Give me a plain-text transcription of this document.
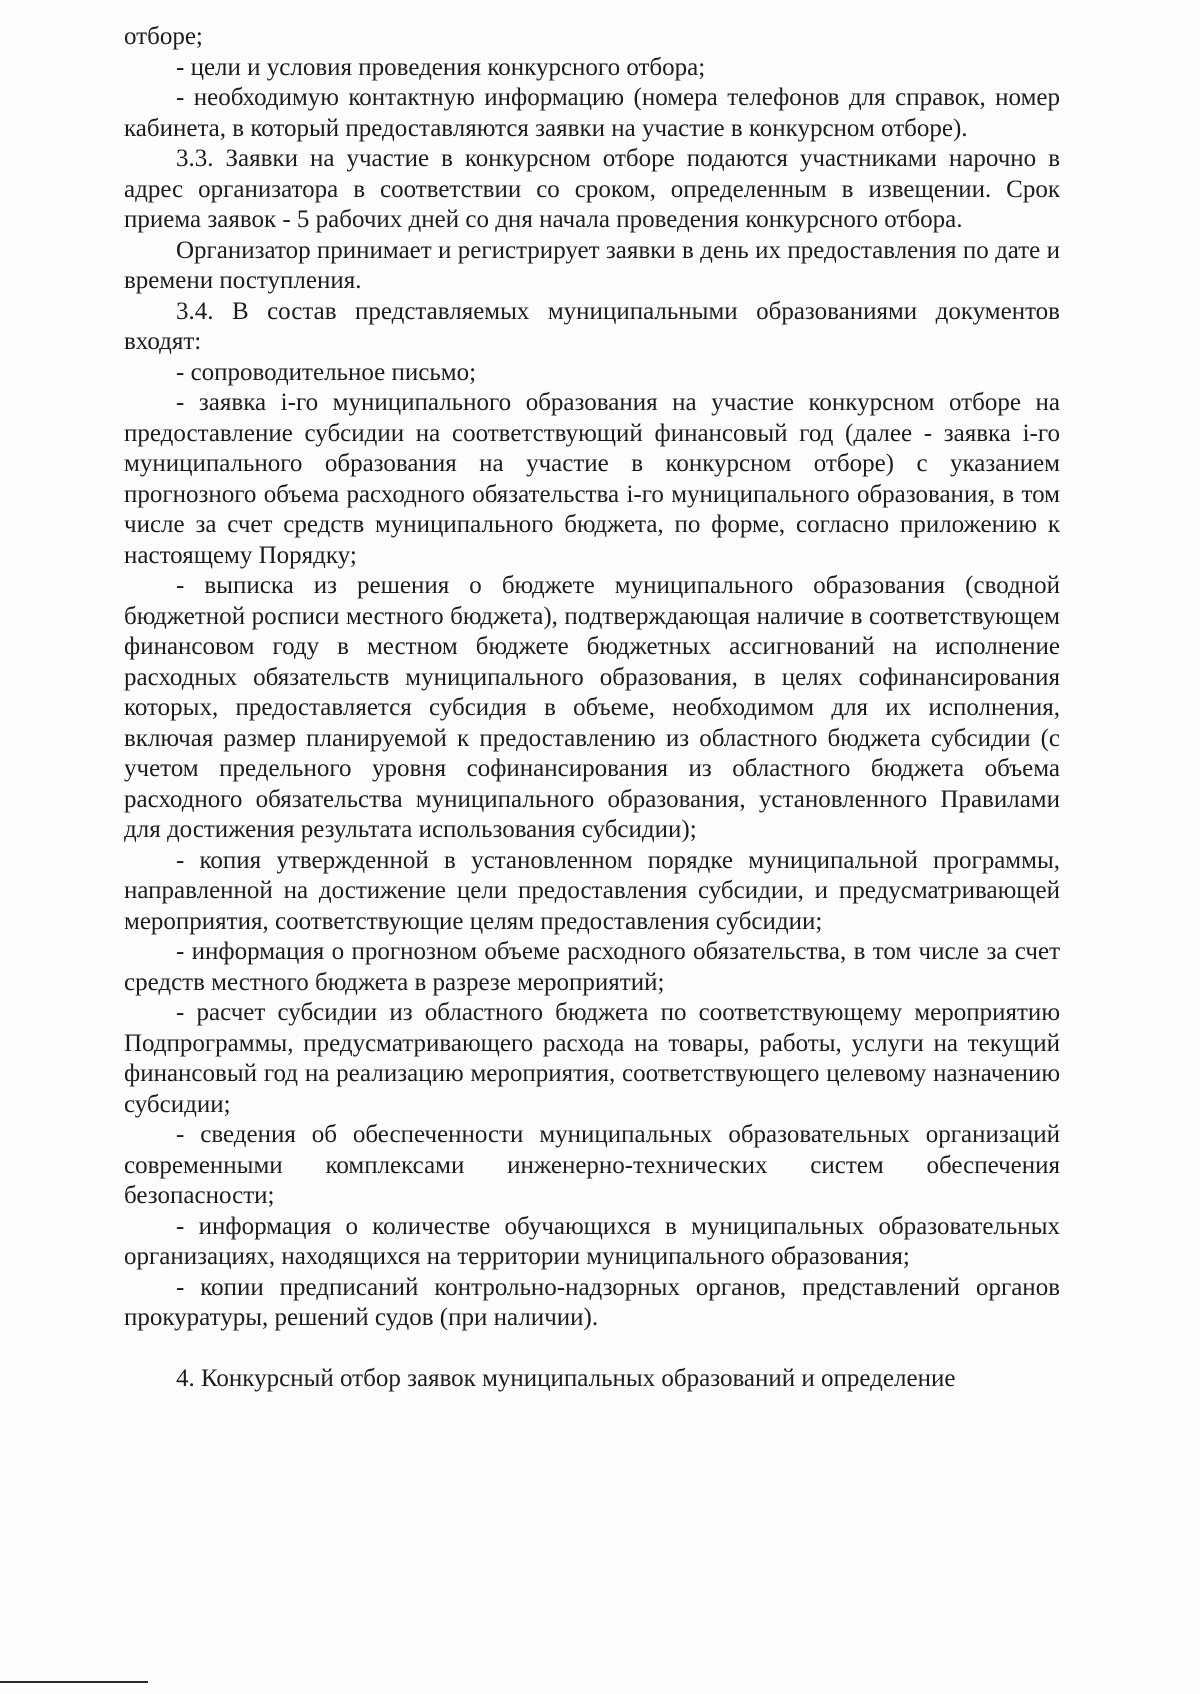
отборе;

- цели и условия проведения конкурсного отбора;

- необходимую контактную информацию (номера телефонов для справок, номер кабинета, в который предоставляются заявки на участие в конкурсном отборе).

3.3. Заявки на участие в конкурсном отборе подаются участниками нарочно в адрес организатора в соответствии со сроком, определенным в извещении. Срок приема заявок - 5 рабочих дней со дня начала проведения конкурсного отбора.

Организатор принимает и регистрирует заявки в день их предоставления по дате и времени поступления.

3.4. В состав представляемых муниципальными образованиями документов входят:

- сопроводительное письмо;

- заявка i-го муниципального образования на участие конкурсном отборе на предоставление субсидии на соответствующий финансовый год (далее - заявка i-го муниципального образования на участие в конкурсном отборе) с указанием прогнозного объема расходного обязательства i-го муниципального образования, в том числе за счет средств муниципального бюджета, по форме, согласно приложению к настоящему Порядку;

- выписка из решения о бюджете муниципального образования (сводной бюджетной росписи местного бюджета), подтверждающая наличие в соответствующем финансовом году в местном бюджете бюджетных ассигнований на исполнение расходных обязательств муниципального образования, в целях софинансирования которых, предоставляется субсидия в объеме, необходимом для их исполнения, включая размер планируемой к предоставлению из областного бюджета субсидии (с учетом предельного уровня софинансирования из областного бюджета объема расходного обязательства муниципального образования, установленного Правилами для достижения результата использования субсидии);

- копия утвержденной в установленном порядке муниципальной программы, направленной на достижение цели предоставления субсидии, и предусматривающей мероприятия, соответствующие целям предоставления субсидии;

- информация о прогнозном объеме расходного обязательства, в том числе за счет средств местного бюджета в разрезе мероприятий;

- расчет субсидии из областного бюджета по соответствующему мероприятию Подпрограммы, предусматривающего расхода на товары, работы, услуги на текущий финансовый год на реализацию мероприятия, соответствующего целевому назначению субсидии;

- сведения об обеспеченности муниципальных образовательных организаций современными комплексами инженерно-технических систем обеспечения безопасности;

- информация о количестве обучающихся в муниципальных образовательных организациях, находящихся на территории муниципального образования;

- копии предписаний контрольно-надзорных органов, представлений органов прокуратуры, решений судов (при наличии).

4. Конкурсный отбор заявок муниципальных образований и определение
